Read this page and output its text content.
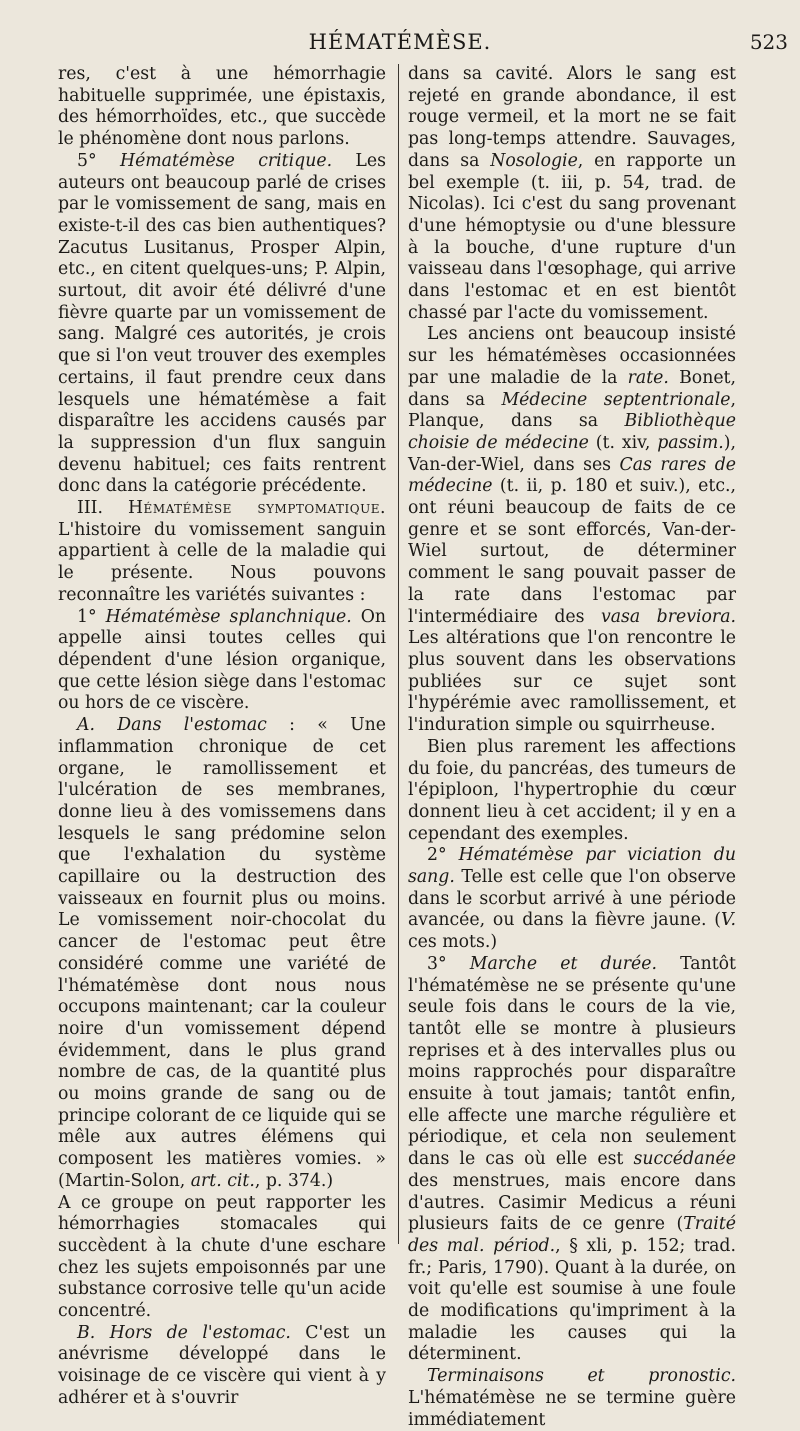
HÉMATÉMÈSE.	523

res, c'est à une hémorrhagie habituelle supprimée, une épistaxis, des hémorrhoïdes, etc., que succède le phénomène dont nous parlons.

5° Hématémèse critique. Les auteurs ont beaucoup parlé de crises par le vomissement de sang, mais en existe-t-il des cas bien authentiques? Zacutus Lusitanus, Prosper Alpin, etc., en citent quelques-uns; P. Alpin, surtout, dit avoir été délivré d'une fièvre quarte par un vomissement de sang. Malgré ces autorités, je crois que si l'on veut trouver des exemples certains, il faut prendre ceux dans lesquels une hématémèse a fait disparaître les accidens causés par la suppression d'un flux sanguin devenu habituel; ces faits rentrent donc dans la catégorie précédente.

III. Hématémèse symptomatique. L'histoire du vomissement sanguin appartient à celle de la maladie qui le présente. Nous pouvons reconnaître les variétés suivantes :

1° Hématémèse splanchnique. On appelle ainsi toutes celles qui dépendent d'une lésion organique, que cette lésion siège dans l'estomac ou hors de ce viscère.

A. Dans l'estomac : « Une inflammation chronique de cet organe, le ramollissement et l'ulcération de ses membranes, donne lieu à des vomissemens dans lesquels le sang prédomine selon que l'exhalation du système capillaire ou la destruction des vaisseaux en fournit plus ou moins. Le vomissement noir-chocolat du cancer de l'estomac peut être considéré comme une variété de l'hématémèse dont nous nous occupons maintenant; car la couleur noire d'un vomissement dépend évidemment, dans le plus grand nombre de cas, de la quantité plus ou moins grande de sang ou de principe colorant de ce liquide qui se mêle aux autres élémens qui composent les matières vomies. » (Martin-Solon, art. cit., p. 374.)

A ce groupe on peut rapporter les hémorrhagies stomacales qui succèdent à la chute d'une eschare chez les sujets empoisonnés par une substance corrosive telle qu'un acide concentré.

B. Hors de l'estomac. C'est un anévrisme développé dans le voisinage de ce viscère qui vient à y adhérer et à s'ouvrir

dans sa cavité. Alors le sang est rejeté en grande abondance, il est rouge vermeil, et la mort ne se fait pas long-temps attendre. Sauvages, dans sa Nosologie, en rapporte un bel exemple (t. iii, p. 54, trad. de Nicolas). Ici c'est du sang provenant d'une hémoptysie ou d'une blessure à la bouche, d'une rupture d'un vaisseau dans l'œsophage, qui arrive dans l'estomac et en est bientôt chassé par l'acte du vomissement.

Les anciens ont beaucoup insisté sur les hématémèses occasionnées par une maladie de la rate. Bonet, dans sa Médecine septentrionale, Planque, dans sa Bibliothèque choisie de médecine (t. xiv, passim.), Van-der-Wiel, dans ses Cas rares de médecine (t. ii, p. 180 et suiv.), etc., ont réuni beaucoup de faits de ce genre et se sont efforcés, Van-der-Wiel surtout, de déterminer comment le sang pouvait passer de la rate dans l'estomac par l'intermédiaire des vasa breviora. Les altérations que l'on rencontre le plus souvent dans les observations publiées sur ce sujet sont l'hypérémie avec ramollissement, et l'induration simple ou squirrheuse.

Bien plus rarement les affections du foie, du pancréas, des tumeurs de l'épiploon, l'hypertrophie du cœur donnent lieu à cet accident; il y en a cependant des exemples.

2° Hématémèse par viciation du sang. Telle est celle que l'on observe dans le scorbut arrivé à une période avancée, ou dans la fièvre jaune. (V. ces mots.)

3° Marche et durée. Tantôt l'hématémèse ne se présente qu'une seule fois dans le cours de la vie, tantôt elle se montre à plusieurs reprises et à des intervalles plus ou moins rapprochés pour disparaître ensuite à tout jamais; tantôt enfin, elle affecte une marche régulière et périodique, et cela non seulement dans le cas où elle est succédanée des menstrues, mais encore dans d'autres. Casimir Medicus a réuni plusieurs faits de ce genre (Traité des mal. périod., § xli, p. 152; trad. fr.; Paris, 1790). Quant à la durée, on voit qu'elle est soumise à une foule de modifications qu'impriment à la maladie les causes qui la déterminent.

Terminaisons et pronostic. L'hématémèse ne se termine guère immédiatement
